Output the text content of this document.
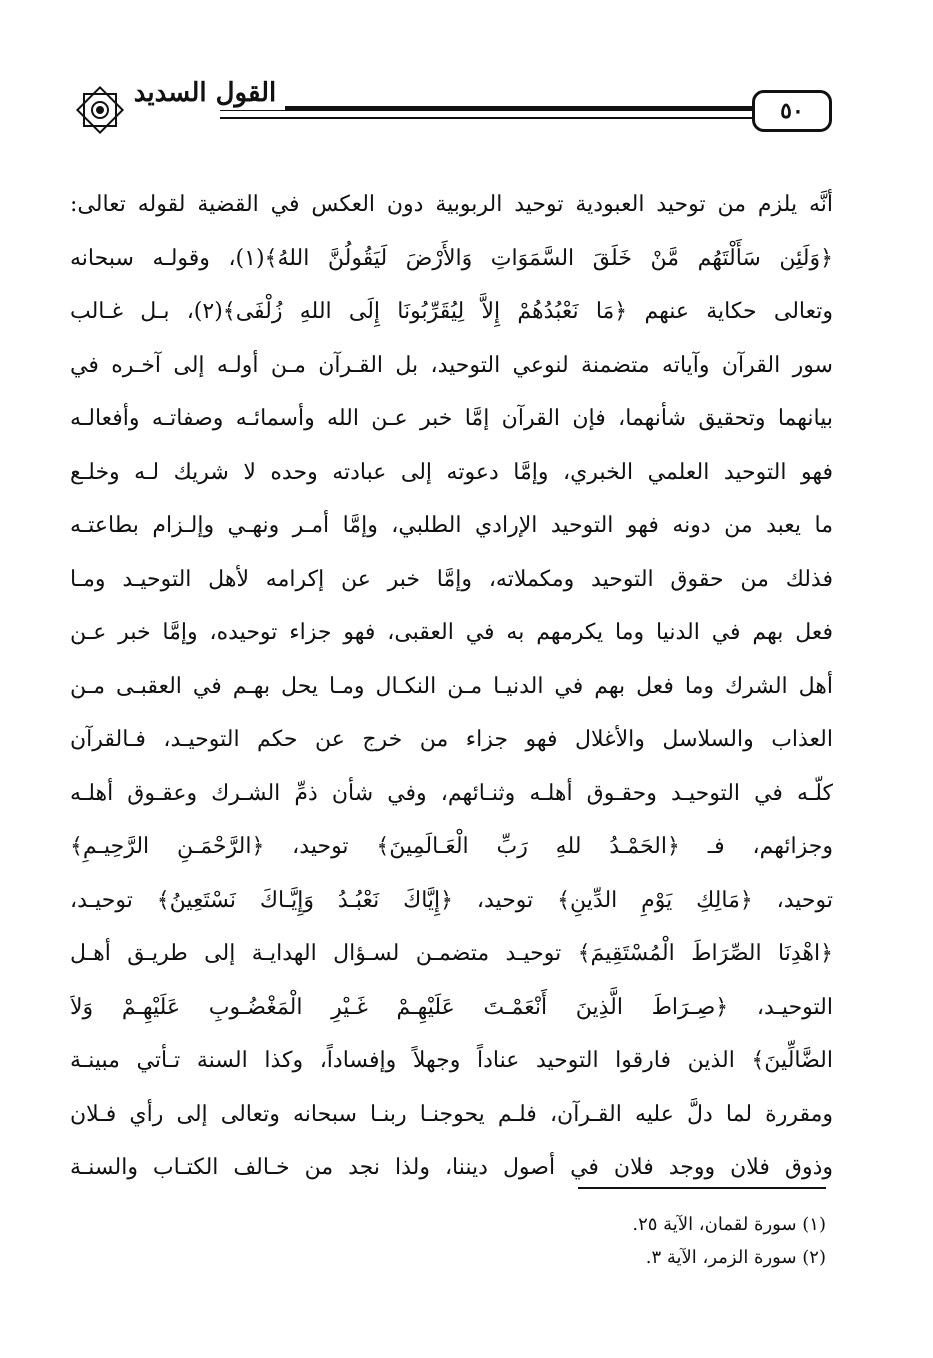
٥٠
القول السديد
أنَّه يلزم من توحيد العبودية توحيد الربوبية دون العكس في القضية لقوله تعالى:
﴿وَلَئِن سَأَلْتَهُم مَّنْ خَلَقَ السَّمَوَاتِ وَالأَرْضَ لَيَقُولُنَّ اللهُ﴾(١)، وقولـه سبحانه
وتعالى حكاية عنهم ﴿مَا نَعْبُدُهُمْ إِلاَّ لِيُقَرِّبُونَا إِلَى اللهِ زُلْفَى﴾(٢)، بـل غـالب
سور القرآن وآياته متضمنة لنوعي التوحيد، بل القـرآن مـن أولـه إلى آخـره في
بيانهما وتحقيق شأنهما، فإن القرآن إمَّا خبر عـن الله وأسمائـه وصفاتـه وأفعالـه
فهو التوحيد العلمي الخبري، وإمَّا دعوته إلى عبادته وحده لا شريك لـه وخلـع
ما يعبد من دونه فهو التوحيد الإرادي الطلبي، وإمَّا أمـر ونهـي وإلـزام بطاعتـه
فذلك من حقوق التوحيد ومكملاته، وإمَّا خبر عن إكرامه لأهل التوحيـد ومـا
فعل بهم في الدنيا وما يكرمهم به في العقبى، فهو جزاء توحيده، وإمَّا خبر عـن
أهل الشرك وما فعل بهم في الدنيـا مـن النكـال ومـا يحل بهـم في العقبـى مـن
العذاب والسلاسل والأغلال فهو جزاء من خرج عن حكم التوحيـد، فـالقرآن
كلّـه في التوحيـد وحقـوق أهلـه وثنـائهم، وفي شأن ذمِّ الشـرك وعقـوق أهلـه
وجزائهم، فـ ﴿الحَمْـدُ للهِ رَبِّ الْعَـالَمِينَ﴾ توحيد، ﴿الرَّحْمَـنِ الرَّحِيـمِ﴾
توحيد، ﴿مَالِكِ يَوْمِ الدِّينِ﴾ توحيد، ﴿إِيَّاكَ نَعْبُـدُ وَإِيَّـاكَ نَسْتَعِينُ﴾ توحيـد،
﴿اهْدِنَا الصِّرَاطَ الْمُسْتَقِيمَ﴾ توحيـد متضمـن لسـؤال الهدايـة إلى طريـق أهـل
التوحيـد، ﴿صِـرَاطَ الَّذِينَ أَنْعَمْـتَ عَلَيْهِـمْ غَـيْرِ الْمَغْضُـوبِ عَلَيْهِـمْ وَلاَ
الضَّالِّينَ﴾ الذين فارقوا التوحيد عناداً وجهلاً وإفساداً، وكذا السنة تـأتي مبينـة
ومقررة لما دلَّ عليه القـرآن، فلـم يحوجنـا ربنـا سبحانه وتعالى إلى رأي فـلان
وذوق فلان ووجد فلان في أصول ديننا، ولذا نجد من خـالف الكتـاب والسنـة
(١) سورة لقمان، الآية ٢٥.
(٢) سورة الزمر، الآية ٣.
